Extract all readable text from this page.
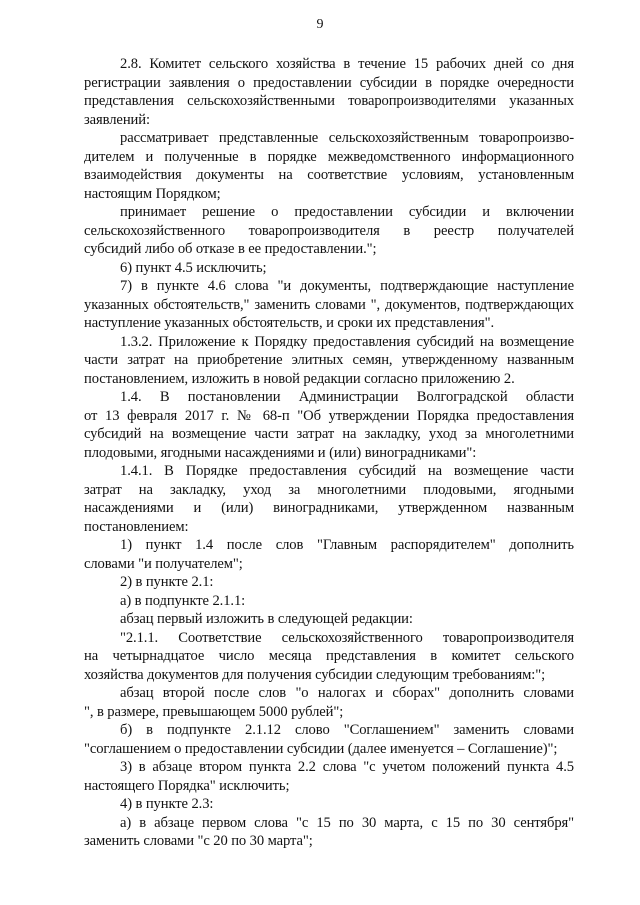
9
2.8. Комитет сельского хозяйства в течение 15 рабочих дней со дня
регистрации заявления о предоставлении субсидии в порядке очередности
представления сельскохозяйственными товаропроизводителями указанных
заявлений:
рассматривает представленные сельскохозяйственным товаропроизво-
дителем и полученные в порядке межведомственного информационного
взаимодействия документы на соответствие условиям, установленным
настоящим Порядком;
принимает решение о предоставлении субсидии и включении
сельскохозяйственного товаропроизводителя в реестр получателей
субсидий либо об отказе в ее предоставлении.";
6) пункт 4.5 исключить;
7) в пункте 4.6 слова "и документы, подтверждающие наступление
указанных обстоятельств," заменить словами ", документов, подтверждающих
наступление указанных обстоятельств, и сроки их представления".
1.3.2. Приложение к Порядку предоставления субсидий на возмещение
части затрат на приобретение элитных семян, утвержденному названным
постановлением, изложить в новой редакции согласно приложению 2.
1.4. В постановлении Администрации Волгоградской области
от 13 февраля 2017 г. № 68-п "Об утверждении Порядка предоставления
субсидий на возмещение части затрат на закладку, уход за многолетними
плодовыми, ягодными насаждениями и (или) виноградниками":
1.4.1. В Порядке предоставления субсидий на возмещение части
затрат на закладку, уход за многолетними плодовыми, ягодными
насаждениями и (или) виноградниками, утвержденном названным
постановлением:
1) пункт 1.4 после слов "Главным распорядителем" дополнить
словами "и получателем";
2) в пункте 2.1:
а) в подпункте 2.1.1:
абзац первый изложить в следующей редакции:
"2.1.1. Соответствие сельскохозяйственного товаропроизводителя
на четырнадцатое число месяца представления в комитет сельского
хозяйства документов для получения субсидии следующим требованиям:";
абзац второй после слов "о налогах и сборах" дополнить словами
", в размере, превышающем 5000 рублей";
б) в подпункте 2.1.12 слово "Соглашением" заменить словами
"соглашением о предоставлении субсидии (далее именуется – Соглашение)";
3) в абзаце втором пункта 2.2 слова "с учетом положений пункта 4.5
настоящего Порядка" исключить;
4) в пункте 2.3:
а) в абзаце первом слова "с 15 по 30 марта, с 15 по 30 сентября"
заменить словами "с 20 по 30 марта";
